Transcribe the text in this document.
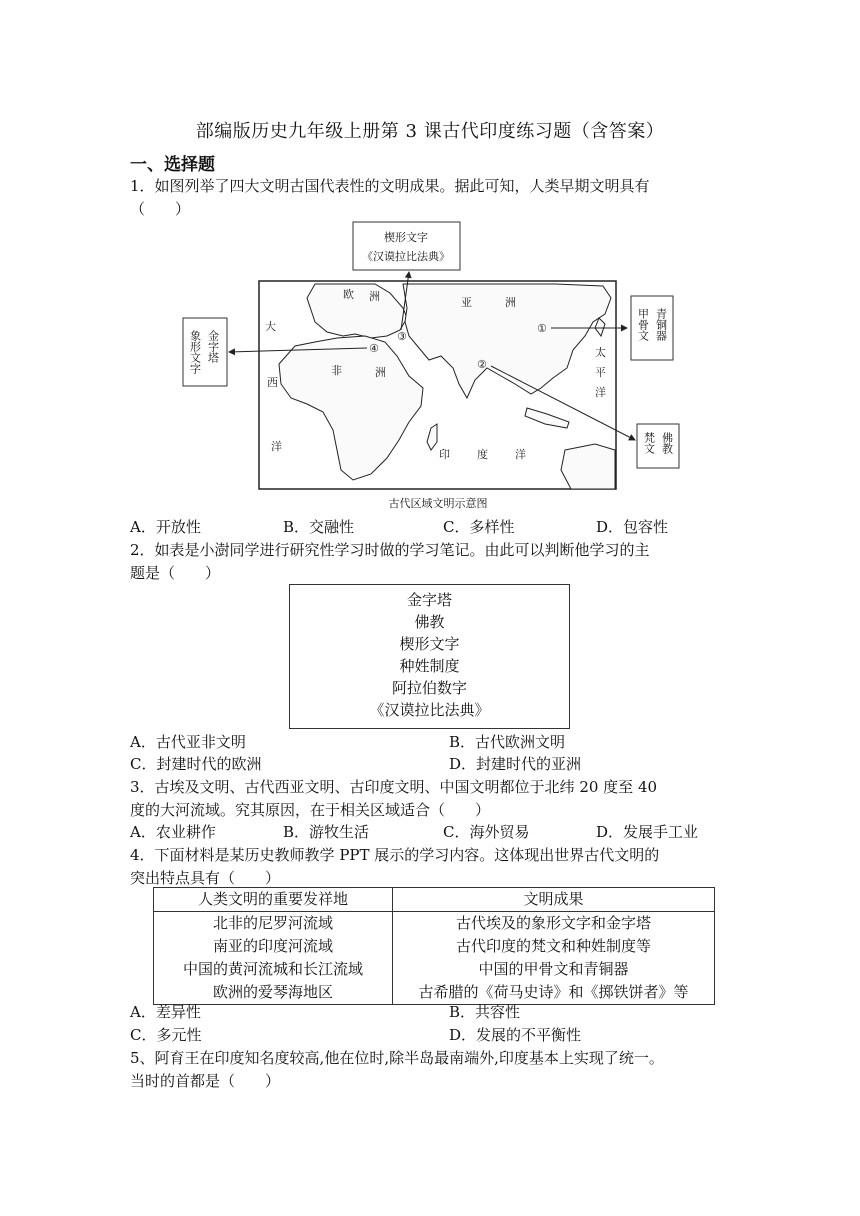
部编版历史九年级上册第 3 课古代印度练习题（含答案）
一、选择题
1．如图列举了四大文明古国代表性的文明成果。据此可知，人类早期文明具有
（　　）
楔形文字
《汉谟拉比法典》
欧 洲	亚	洲
非	洲
大
西
洋
太
平
洋
印 度 洋
①
②
③
④
象形文字 金字塔
甲骨文 青铜器
梵文 佛教
古代区域文明示意图
A．开放性	B．交融性	C．多样性	D．包容性
2．如表是小澍同学进行研究性学习时做的学习笔记。由此可以判断他学习的主
题是（　　）
金字塔
佛教
楔形文字
种姓制度
阿拉伯数字
《汉谟拉比法典》
A．古代亚非文明	B．古代欧洲文明
C．封建时代的欧洲	D．封建时代的亚洲
3．古埃及文明、古代西亚文明、古印度文明、中国文明都位于北纬 20 度至 40
度的大河流域。究其原因，在于相关区域适合（　　）
A．农业耕作	B．游牧生活	C．海外贸易	D．发展手工业
4．下面材料是某历史教师教学 PPT 展示的学习内容。这体现出世界古代文明的
突出特点具有（　　）
人类文明的重要发祥地	文明成果
北非的尼罗河流域	古代埃及的象形文字和金字塔
南亚的印度河流域	古代印度的梵文和种姓制度等
中国的黄河流城和长江流域	中国的甲骨文和青铜器
欧洲的爱琴海地区	古希腊的《荷马史诗》和《掷铁饼者》等
A．差异性	B．共容性
C．多元性	D．发展的不平衡性
5、阿育王在印度知名度较高,他在位时,除半岛最南端外,印度基本上实现了统一。
当时的首都是（　　）
